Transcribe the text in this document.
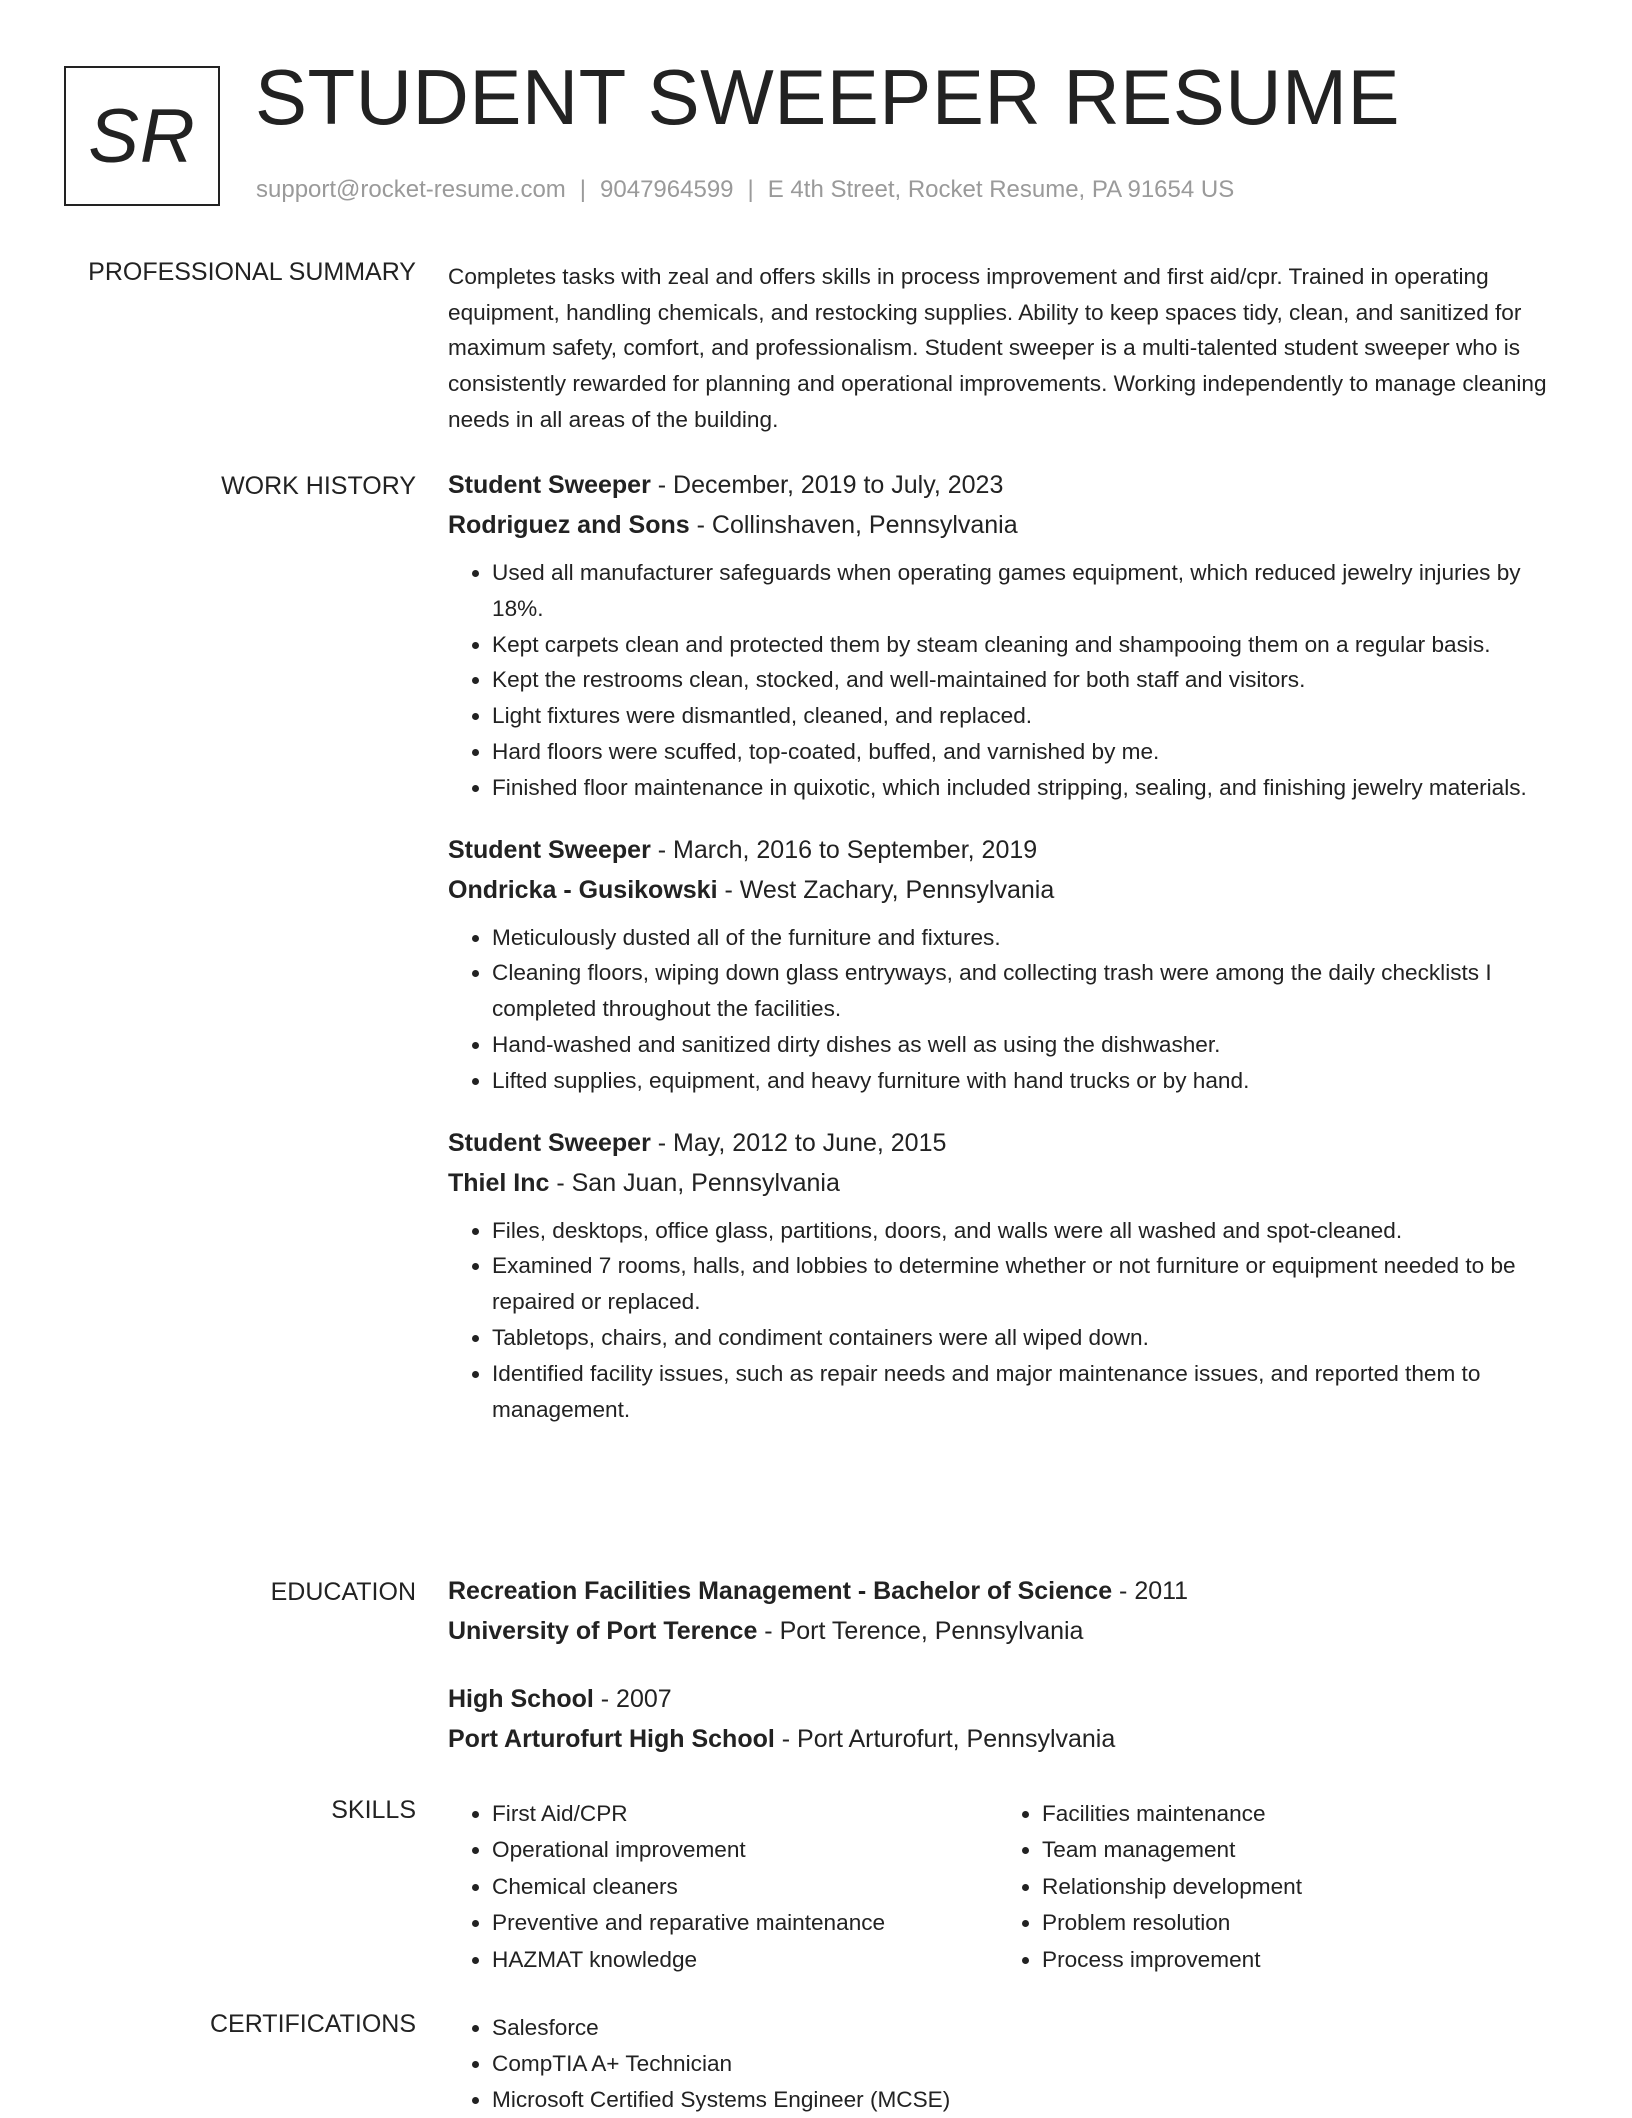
SR STUDENT SWEEPER RESUME
support@rocket-resume.com | 9047964599 | E 4th Street, Rocket Resume, PA 91654 US
PROFESSIONAL SUMMARY Completes tasks with zeal and offers skills in process improvement and first aid/cpr. Trained in operating equipment, handling chemicals, and restocking supplies. Ability to keep spaces tidy, clean, and sanitized for maximum safety, comfort, and professionalism. Student sweeper is a multi-talented student sweeper who is consistently rewarded for planning and operational improvements. Working independently to manage cleaning needs in all areas of the building.

WORK HISTORY Student Sweeper - December, 2019 to July, 2023

Rodriguez and Sons - Collinshaven, Pennsylvania

• Used all manufacturer safeguards when operating games equipment, which reduced jewelry injuries by 18%.
• Kept carpets clean and protected them by steam cleaning and shampooing them on a regular basis.
• Kept the restrooms clean, stocked, and well-maintained for both staff and visitors.
• Light fixtures were dismantled, cleaned, and replaced.
• Hard floors were scuffed, top-coated, buffed, and varnished by me.
• Finished floor maintenance in quixotic, which included stripping, sealing, and finishing jewelry materials.

Student Sweeper - March, 2016 to September, 2019

Ondricka - Gusikowski - West Zachary, Pennsylvania

• Meticulously dusted all of the furniture and fixtures.
• Cleaning floors, wiping down glass entryways, and collecting trash were among the daily checklists I completed throughout the facilities.
• Hand-washed and sanitized dirty dishes as well as using the dishwasher.
• Lifted supplies, equipment, and heavy furniture with hand trucks or by hand.

Student Sweeper - May, 2012 to June, 2015

Thiel Inc - San Juan, Pennsylvania

• Files, desktops, office glass, partitions, doors, and walls were all washed and spot-cleaned.
• Examined 7 rooms, halls, and lobbies to determine whether or not furniture or equipment needed to be repaired or replaced.
• Tabletops, chairs, and condiment containers were all wiped down.
• Identified facility issues, such as repair needs and major maintenance issues, and reported them to management.
EDUCATION Recreation Facilities Management - Bachelor of Science - 2011

University of Port Terence - Port Terence, Pennsylvania

High School - 2007

Port Arturofurt High School - Port Arturofurt, Pennsylvania

SKILLS	• First Aid/CPR
• Operational improvement
• Chemical cleaners
• Preventive and reparative maintenance
• HAZMAT knowledge
• Facilities maintenance
• Team management
• Relationship development
• Problem resolution
• Process improvement
CERTIFICATIONS	• Salesforce
• CompTIA A+ Technician
• Microsoft Certified Systems Engineer (MCSE)
